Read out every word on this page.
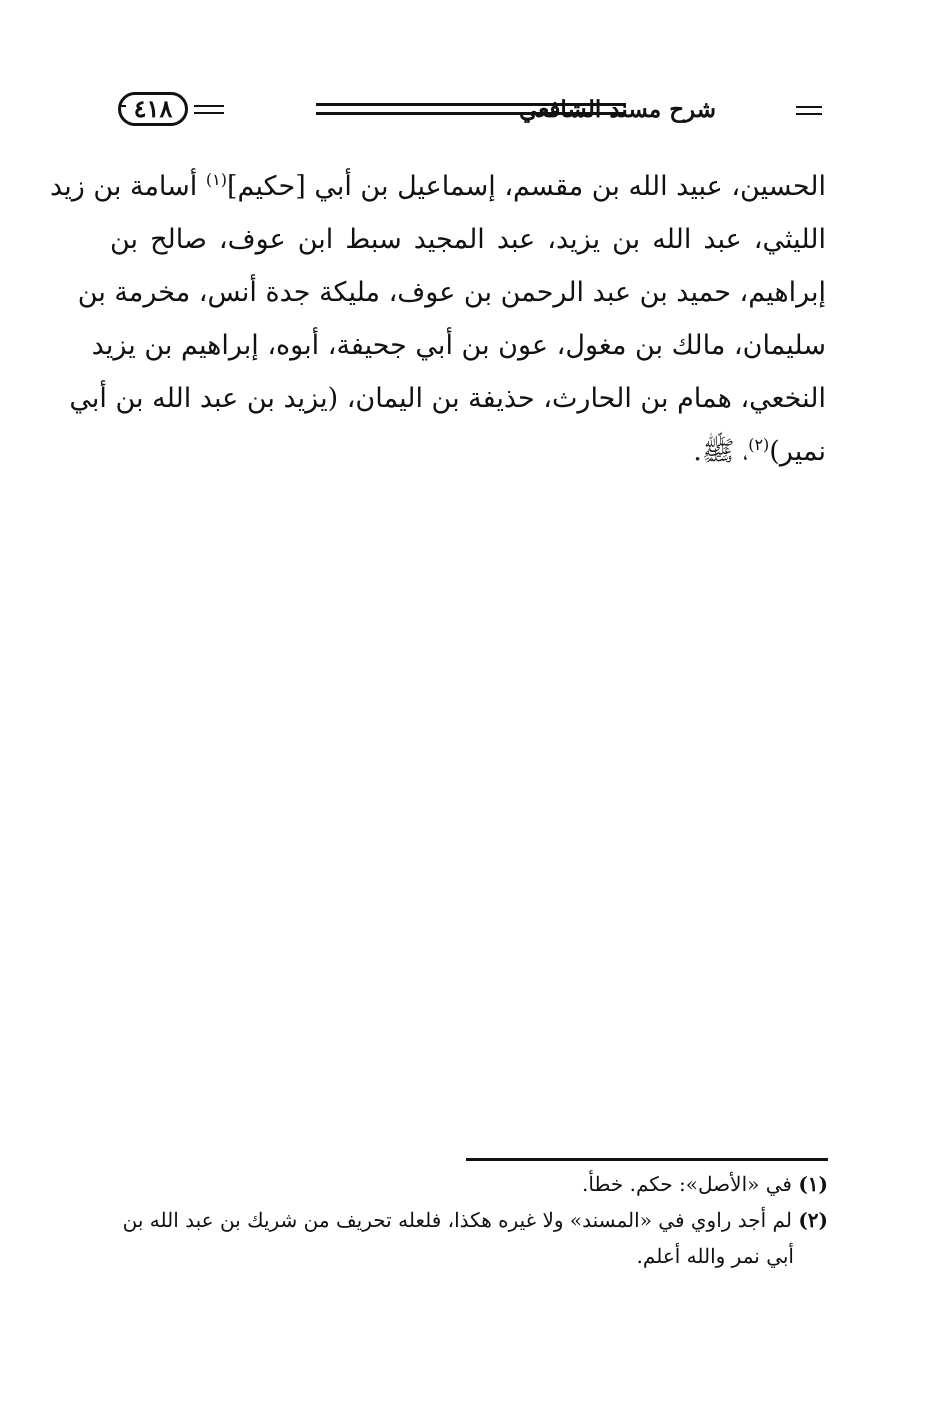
٤١٨	شرح مسند الشافعي
الحسين، عبيد الله بن مقسم، إسماعيل بن أبي [حكيم]$^{(١)}$ أسامة بن زيد
الليثي، عبد الله بن يزيد، عبد المجيد سبط ابن عوف، صالح بن
إبراهيم، حميد بن عبد الرحمن بن عوف، مليكة جدة أنس، مخرمة بن
سليمان، مالك بن مغول، عون بن أبي جحيفة، أبوه، إبراهيم بن يزيد
النخعي، همام بن الحارث، حذيفة بن اليمان، (يزيد بن عبد الله بن أبي
نمير)$^{(٢)}$، ﷺ.
(١) في «الأصل»: حكم. خطأ.
(٢) لم أجد راوي في «المسند» ولا غيره هكذا، فلعله تحريف من شريك بن عبد الله بن
أبي نمر والله أعلم.
